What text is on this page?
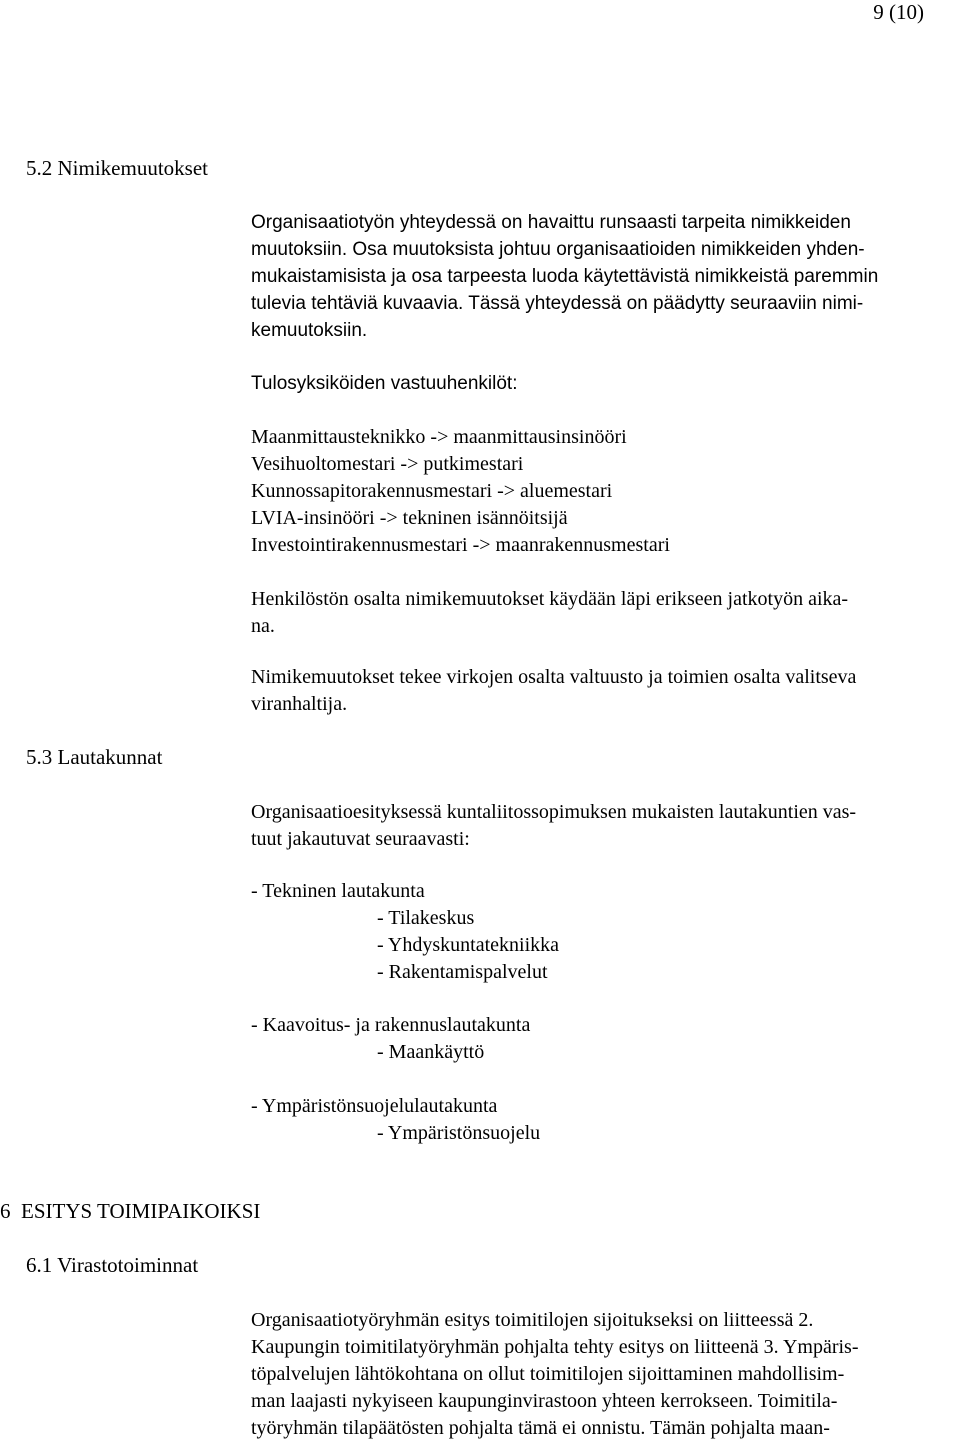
9 (10)
5.2 Nimikemuutokset
Organisaatiotyön yhteydessä on havaittu runsaasti tarpeita nimikkeiden
muutoksiin. Osa muutoksista johtuu organisaatioiden nimikkeiden yhden-
mukaistamisista ja osa tarpeesta luoda käytettävistä nimikkeistä paremmin
tulevia tehtäviä kuvaavia. Tässä yhteydessä on päädytty seuraaviin nimi-
kemuutoksiin.
Tulosyksiköiden vastuuhenkilöt:
Maanmittausteknikko -> maanmittausinsinööri
Vesihuoltomestari -> putkimestari
Kunnossapitorakennusmestari -> aluemestari
LVIA-insinööri -> tekninen isännöitsijä
Investointirakennusmestari -> maanrakennusmestari
Henkilöstön osalta nimikemuutokset käydään läpi erikseen jatkotyön aika-
na.
Nimikemuutokset tekee virkojen osalta valtuusto ja toimien osalta valitseva
viranhaltija.
5.3 Lautakunnat
Organisaatioesityksessä kuntaliitossopimuksen mukaisten lautakuntien vas-
tuut jakautuvat seuraavasti:
- Tekninen lautakunta
- Tilakeskus
- Yhdyskuntatekniikka
- Rakentamispalvelut
- Kaavoitus- ja rakennuslautakunta
- Maankäyttö
- Ympäristönsuojelulautakunta
- Ympäristönsuojelu
6  ESITYS TOIMIPAIKOIKSI
6.1 Virastotoiminnat
Organisaatiotyöryhmän esitys toimitilojen sijoitukseksi on liitteessä 2.
Kaupungin toimitilatyöryhmän pohjalta tehty esitys on liitteenä 3. Ympäris-
töpalvelujen lähtökohtana on ollut toimitilojen sijoittaminen mahdollisim-
man laajasti nykyiseen kaupunginvirastoon yhteen kerrokseen. Toimitila-
työryhmän tilapäätösten pohjalta tämä ei onnistu. Tämän pohjalta maan-
